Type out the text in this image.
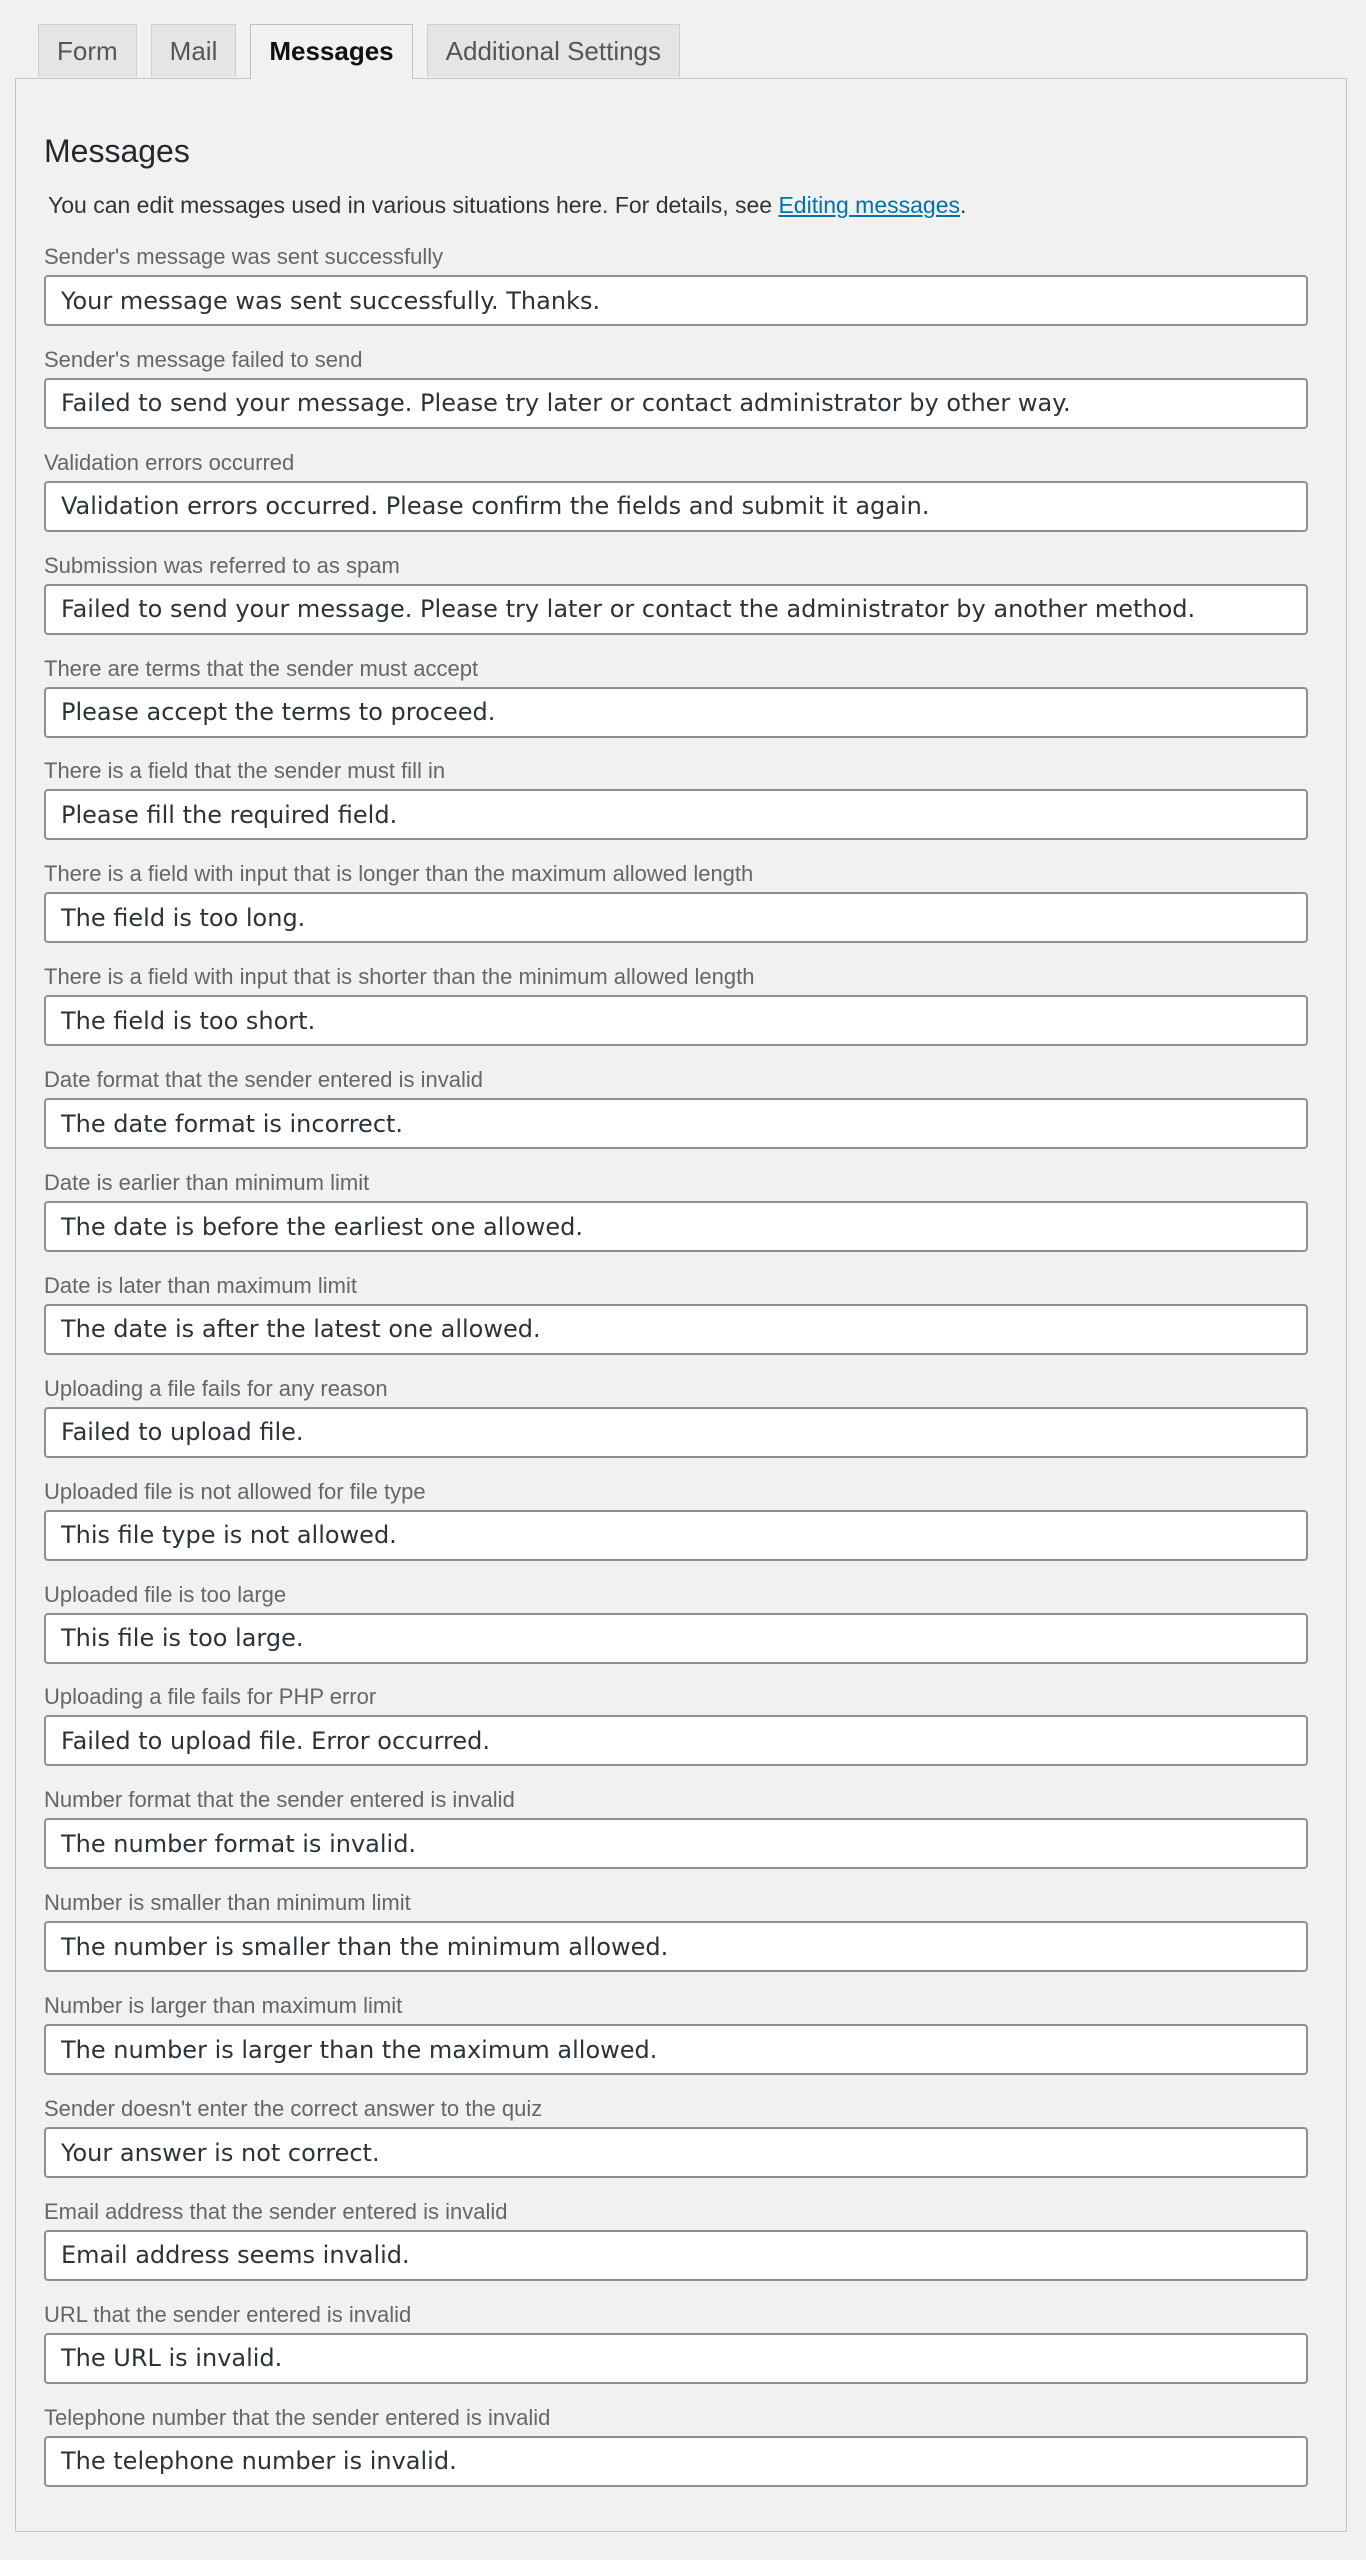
Form	Mail	Messages	Additional Settings
Messages

You can edit messages used in various situations here. For details, see Editing messages.

Sender's message was sent successfully
Your message was sent successfully. Thanks.
Sender's message failed to send
Failed to send your message. Please try later or contact administrator by other way.
Validation errors occurred
Validation errors occurred. Please confirm the fields and submit it again.
Submission was referred to as spam
Failed to send your message. Please try later or contact the administrator by another method.
There are terms that the sender must accept
Please accept the terms to proceed.
There is a field that the sender must fill in
Please fill the required field.
There is a field with input that is longer than the maximum allowed length
The field is too long.
There is a field with input that is shorter than the minimum allowed length
The field is too short.
Date format that the sender entered is invalid
The date format is incorrect.
Date is earlier than minimum limit
The date is before the earliest one allowed.
Date is later than maximum limit
The date is after the latest one allowed.
Uploading a file fails for any reason
Failed to upload file.
Uploaded file is not allowed for file type
This file type is not allowed.
Uploaded file is too large
This file is too large.
Uploading a file fails for PHP error
Failed to upload file. Error occurred.
Number format that the sender entered is invalid
The number format is invalid.
Number is smaller than minimum limit
The number is smaller than the minimum allowed.
Number is larger than maximum limit
The number is larger than the maximum allowed.
Sender doesn't enter the correct answer to the quiz
Your answer is not correct.
Email address that the sender entered is invalid
Email address seems invalid.
URL that the sender entered is invalid
The URL is invalid.
Telephone number that the sender entered is invalid
The telephone number is invalid.
